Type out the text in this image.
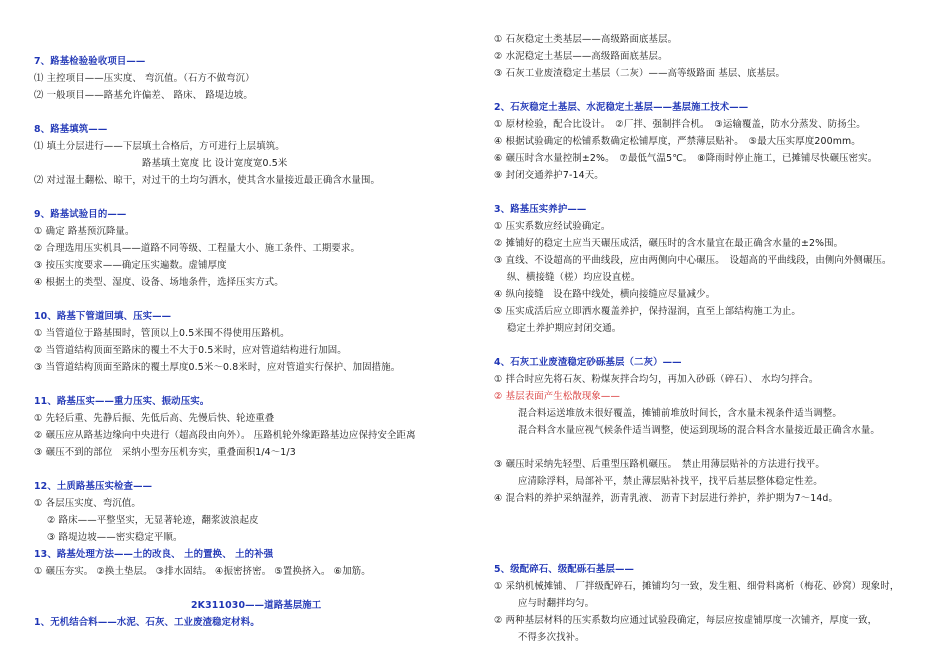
7、路基检验验收项目——
⑴ 主控项目——压实度、 弯沉值。（石方不做弯沉）
⑵ 一般项目——路基允许偏差、 路床、 路堤边坡。
8、路基填筑——
⑴ 填土分层进行——下层填土合格后，方可进行上层填筑。
路基填土宽度 比 设计宽度宽0.5米
⑵ 对过湿土翻松、晾干，对过干的土均匀洒水，使其含水量接近最正确含水量围。
9、路基试验目的——
① 确定 路基预沉降量。
② 合理选用压实机具——道路不同等级、工程量大小、施工条件、工期要求。
③ 按压实度要求——确定压实遍数。虚铺厚度
④ 根据土的类型、湿度、设备、场地条件，选择压实方式。
10、路基下管道回填、压实——
① 当管道位于路基围时，管顶以上0.5米围不得使用压路机。
② 当管道结构顶面至路床的覆土不大于0.5米时，应对管道结构进行加固。
③ 当管道结构顶面至路床的覆土厚度0.5米～0.8米时，应对管道实行保护、加固措施。
11、路基压实——重力压实、振动压实。
① 先轻后重、先静后振、先低后高、先慢后快、轮迹重叠
② 碾压应从路基边缘向中央进行（超高段由向外）。 压路机轮外缘距路基边应保持安全距离
③ 碾压不到的部位　采纳小型夯压机夯实，重叠面积1/4～1/3
12、土质路基压实检查——
① 各层压实度、弯沉值。
② 路床——平整坚实，无显著轮迹，翻浆波浪起皮
③ 路堤边坡——密实稳定平顺。
13、路基处理方法——土的改良、 土的置换、 土的补强
① 碾压夯实。 ②换土垫层。 ③排水固结。 ④振密挤密。 ⑤置换挤入。 ⑥加筋。
2K311030——道路基层施工
1、无机结合料——水泥、石灰、工业废渣稳定材料。
① 石灰稳定土类基层——高级路面底基层。
② 水泥稳定土基层——高级路面底基层。
③ 石灰工业废渣稳定土基层（二灰）——高等级路面 基层、底基层。
2、石灰稳定土基层、水泥稳定土基层——基层施工技术——
① 原材检验，配合比设计。　②厂拌、强制拌合机。　③运输覆盖，防水分蒸发、防扬尘。
④ 根据试验确定的松铺系数确定松铺厚度，严禁薄层贴补。　⑤最大压实厚度200mm。
⑥ 碾压时含水量控制±2%。　⑦最低气温5℃。　⑧降雨时停止施工，已摊铺尽快碾压密实。
⑨ 封闭交通养护7-14天。
3、路基压实养护——
① 压实系数应经试验确定。
② 摊铺好的稳定土应当天碾压成活，碾压时的含水量宜在最正确含水量的±2%围。
③ 直线、不设超高的平曲线段，应由两侧向中心碾压。　设超高的平曲线段，由侧向外侧碾压。
纵、横接缝（槎）均应设直槎。
④ 纵向接缝　设在路中线处，横向接缝应尽量减少。
⑤ 压实成活后应立即洒水覆盖养护，保持湿润，直至上部结构施工为止。
稳定土养护期应封闭交通。
4、石灰工业废渣稳定砂砾基层（二灰）——
① 拌合时应先将石灰、粉煤灰拌合均匀，再加入砂砾（碎石）、 水均匀拌合。
② 基层表面产生松散现象——
混合料运送堆放未很好覆盖，摊铺前堆放时间长，含水量未视条件适当调整。
混合料含水量应视气候条件适当调整，使运到现场的混合料含水量接近最正确含水量。
③ 碾压时采纳先轻型、后重型压路机碾压。　禁止用薄层贴补的方法进行找平。
应清除浮料，局部补平，禁止薄层贴补找平，找平后基层整体稳定性差。
④ 混合料的养护采纳湿养，沥青乳液、 沥青下封层进行养护，养护期为7～14d。
5、级配碎石、级配砾石基层——
① 采纳机械摊铺、 厂拌级配碎石，摊铺均匀一致，发生粗、细骨料离析（梅花、砂窝）现象时，
应与时翻拌均匀。
② 两种基层材料的压实系数均应通过试验段确定，每层应按虚铺厚度一次铺齐，厚度一致，
不得多次找补。
